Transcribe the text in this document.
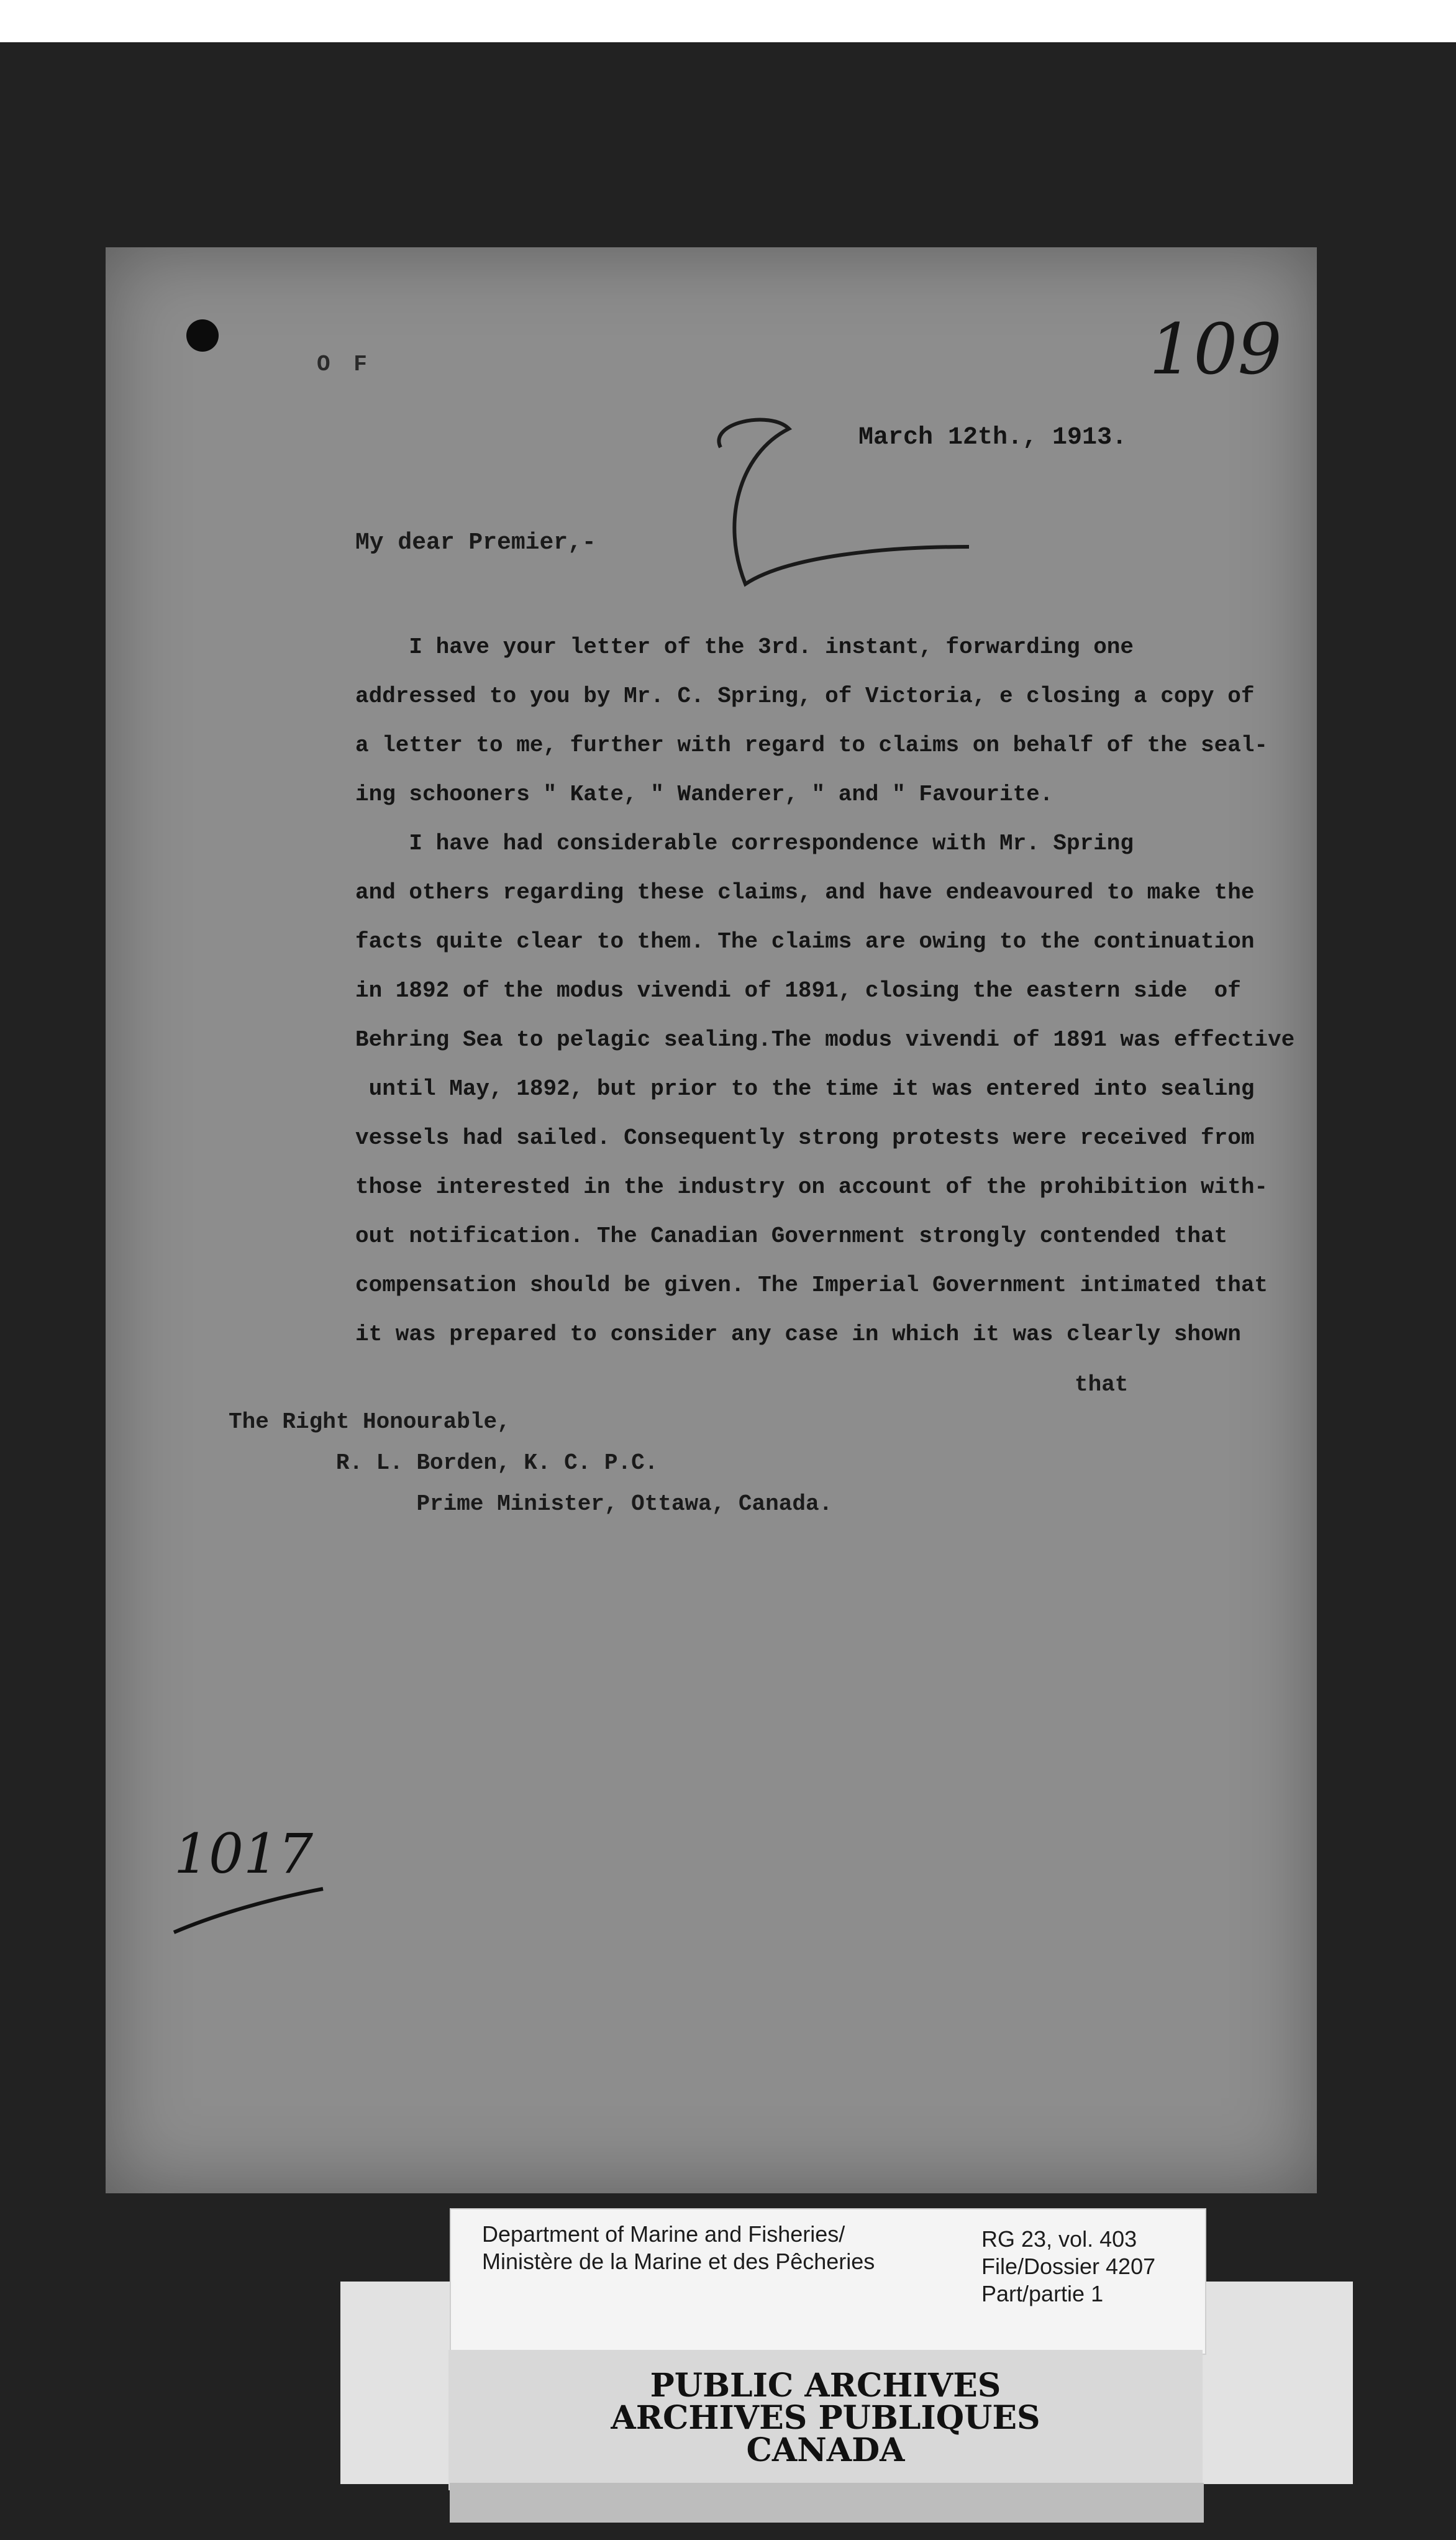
O F	109
March 12th., 1913.
My dear Premier,-

I have your letter of the 3rd. instant, forwarding one

addressed to you by Mr. C. Spring, of Victoria, e closing a copy of

a letter to me, further with regard to claims on behalf of the seal-

ing schooners " Kate, " Wanderer, " and " Favourite.

I have had considerable correspondence with Mr. Spring

and others regarding these claims, and have endeavoured to make the

facts quite clear to them. The claims are owing to the continuation

in 1892 of the modus vivendi of 1891, closing the eastern side  of

Behring Sea to pelagic sealing.The modus vivendi of 1891 was effective

until May, 1892, but prior to the time it was entered into sealing

vessels had sailed. Consequently strong protests were received from

those interested in the industry on account of the prohibition with-

out notification. The Canadian Government strongly contended that

compensation should be given. The Imperial Government intimated that

it was prepared to consider any case in which it was clearly shown

that
The Right Honourable,
R. L. Borden, K. C. P.C.
Prime Minister, Ottawa, Canada.
1017
Department of Marine and Fisheries/
Ministère de la Marine et des Pêcheries
RG 23, vol. 403
File/Dossier 4207
Part/partie 1
PUBLIC ARCHIVES
ARCHIVES PUBLIQUES
CANADA
